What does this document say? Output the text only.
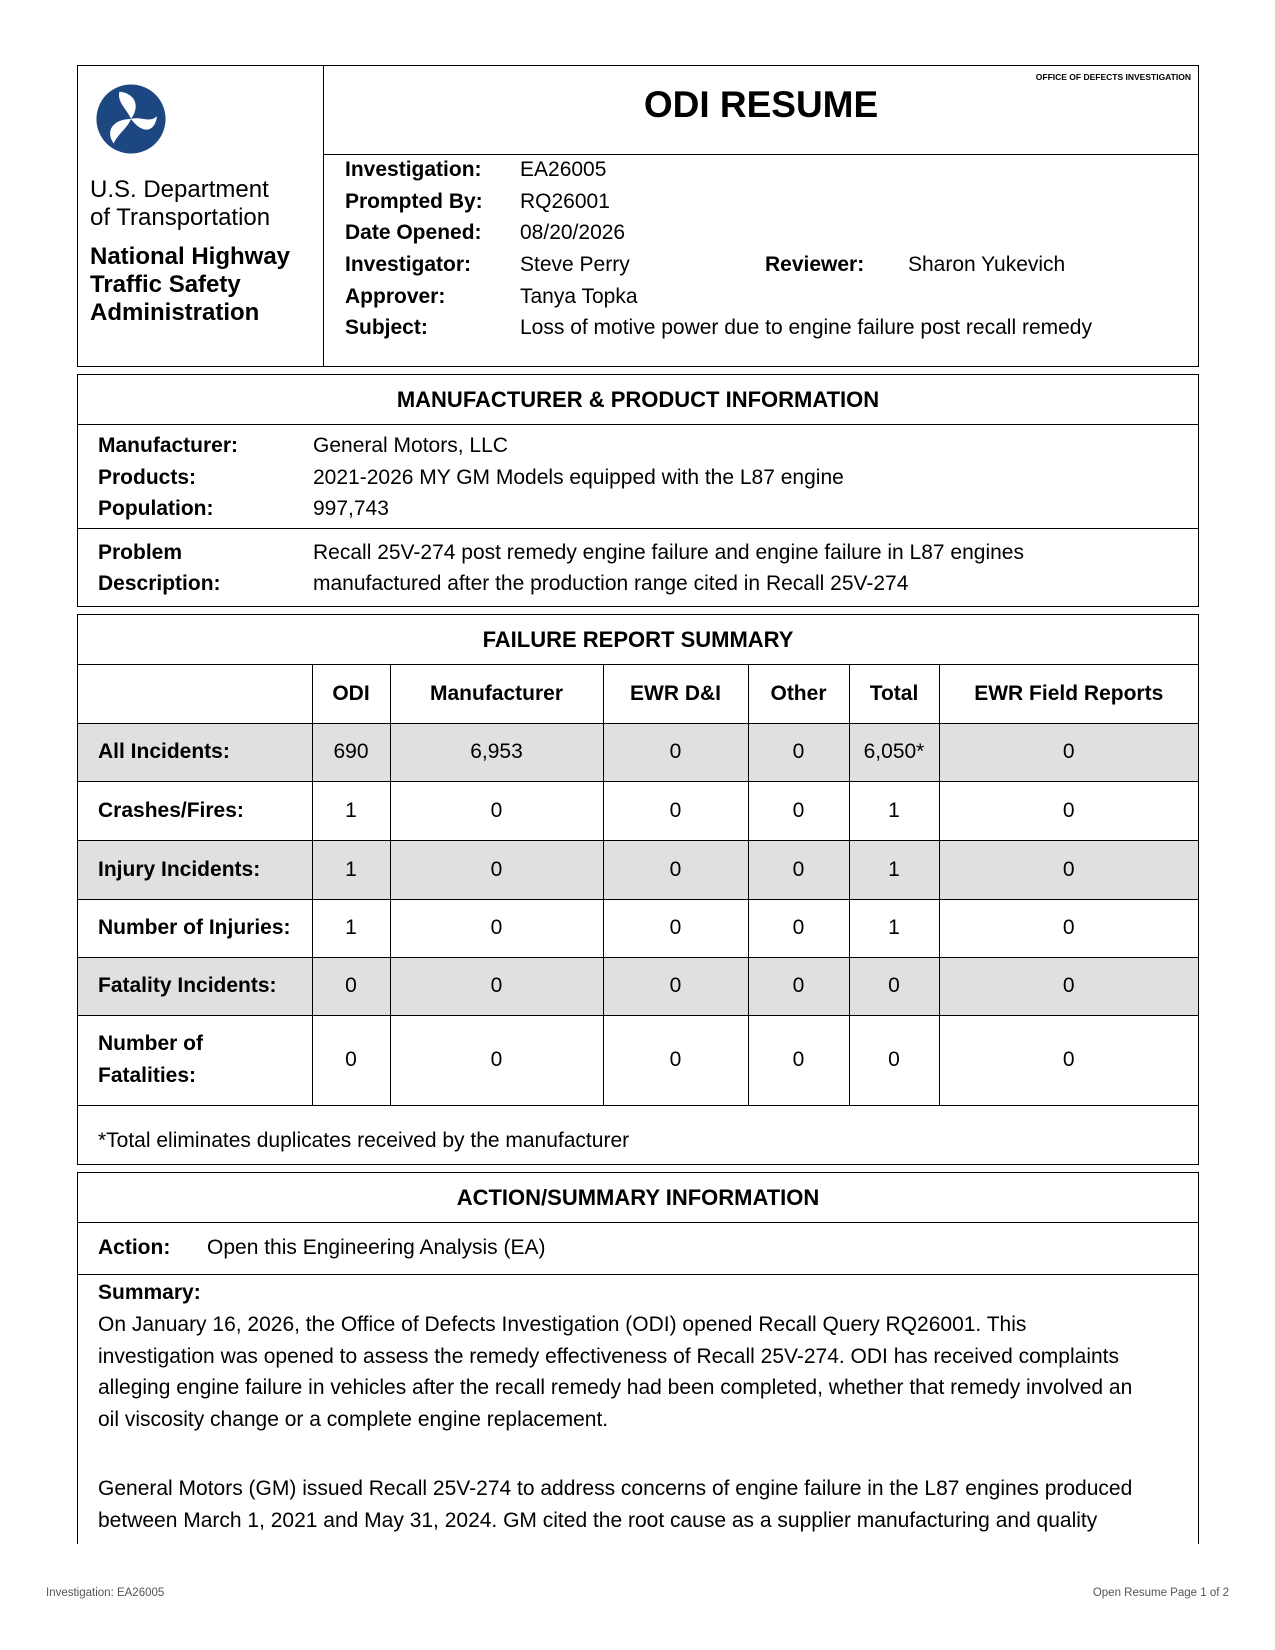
U.S. Department
of Transportation
National Highway
Traffic Safety
Administration
OFFICE OF DEFECTS INVESTIGATION
ODI RESUME
Investigation: EA26005
Prompted By: RQ26001
Date Opened: 08/20/2026
Investigator: Steve Perry	Reviewer: Sharon Yukevich
Approver:	Tanya Topka
Subject:	Loss of motive power due to engine failure post recall remedy
MANUFACTURER & PRODUCT INFORMATION
Manufacturer:	General Motors, LLC
Products:	2021-2026 MY GM Models equipped with the L87 engine
Population:	997,743
Problem
Description:
Recall 25V-274 post remedy engine failure and engine failure in L87 engines
manufactured after the production range cited in Recall 25V-274
FAILURE REPORT SUMMARY
	ODI	Manufacturer	EWR D&I	Other	Total	EWR Field Reports
All Incidents:	690	6,953	0	0	6,050*	0
Crashes/Fires:	1	0	0	0	1	0
Injury Incidents:	1	0	0	0	1	0
Number of Injuries:	1	0	0	0	1	0
Fatality Incidents:	0	0	0	0	0	0

Number of
Fatalities:	0	0	0	0	0	0
*Total eliminates duplicates received by the manufacturer
ACTION/SUMMARY INFORMATION
Action: Open this Engineering Analysis (EA)
Summary:
On January 16, 2026, the Office of Defects Investigation (ODI) opened Recall Query RQ26001. This
investigation was opened to assess the remedy effectiveness of Recall 25V-274. ODI has received complaints
alleging engine failure in vehicles after the recall remedy had been completed, whether that remedy involved an
oil viscosity change or a complete engine replacement.
General Motors (GM) issued Recall 25V-274 to address concerns of engine failure in the L87 engines produced
between March 1, 2021 and May 31, 2024. GM cited the root cause as a supplier manufacturing and quality
Investigation: EA26005	Open Resume Page 1 of 2
